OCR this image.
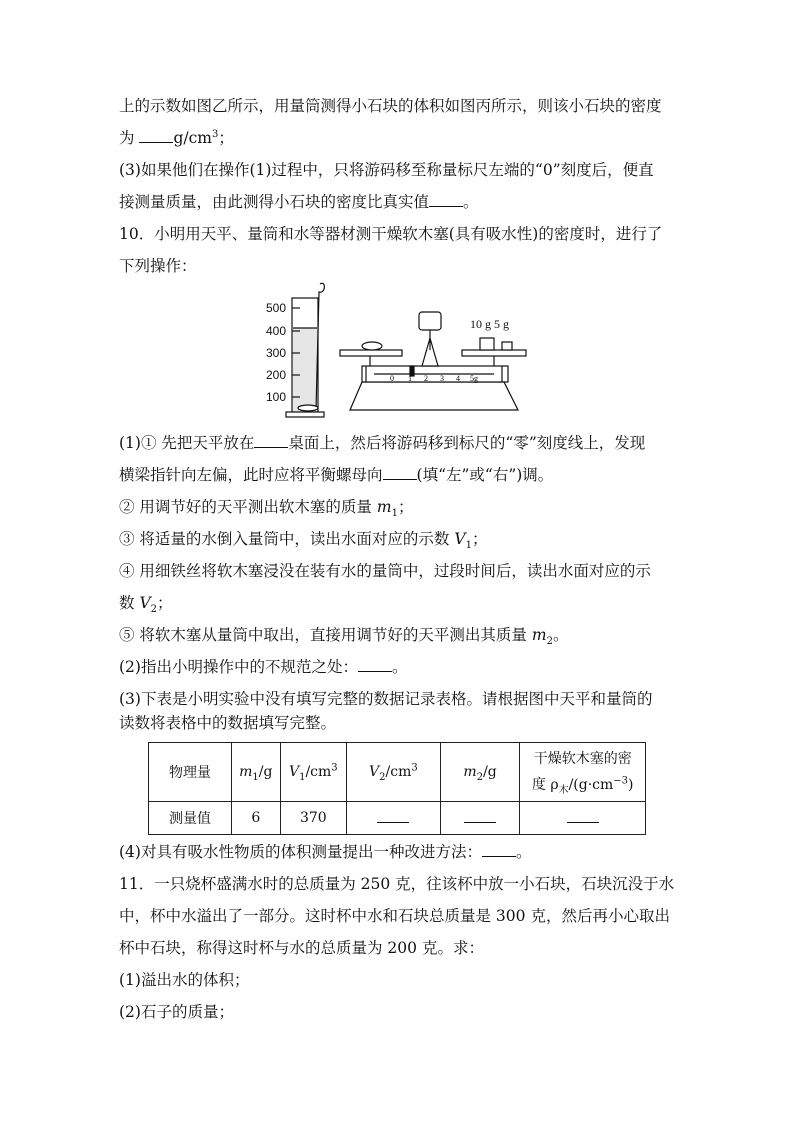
上的示数如图乙所示，用量筒测得小石块的体积如图丙所示，则该小石块的密度
为	$g/cm^3$；
(3)如果他们在操作(1)过程中，只将游码移至称量标尺左端的“0”刻度后，便直
接测量质量，由此测得小石块的密度比真实值 。
10．小明用天平、量筒和水等器材测干燥软木塞(具有吸水性)的密度时，进行了
下列操作：
500
400
300
200
100
10 g 5 g
0 1 2 3 4 5g
(1)① 先把天平放在 桌面上，然后将游码移到标尺的“零”刻度线上，发现
横梁指针向左偏，此时应将平衡螺母向 (填“左”或“右”)调。
② 用调节好的天平测出软木塞的质量 $m_1$；
③ 将适量的水倒入量筒中，读出水面对应的示数 $V_1$；
④ 用细铁丝将软木塞浸没在装有水的量筒中，过段时间后，读出水面对应的示
数 $V_2$；
⑤ 将软木塞从量筒中取出，直接用调节好的天平测出其质量 $m_2$。
(2)指出小明操作中的不规范之处： 。
(3)下表是小明实验中没有填写完整的数据记录表格。请根据图中天平和量筒的
读数将表格中的数据填写完整。
物理量	$m_1/g$	$V_1/cm^3$	$V_2/cm^3$	$m_2/g$	干燥软木塞的密
度 $\rho_木/(g\cdot cm^{-3})$

测量值	6	370			
(4)对具有吸水性物质的体积测量提出一种改进方法： 。
11．一只烧杯盛满水时的总质量为 250 克，往该杯中放一小石块，石块沉没于水
中，杯中水溢出了一部分。这时杯中水和石块总质量是 300 克，然后再小心取出
杯中石块，称得这时杯与水的总质量为 200 克。求：
(1)溢出水的体积；
(2)石子的质量；
